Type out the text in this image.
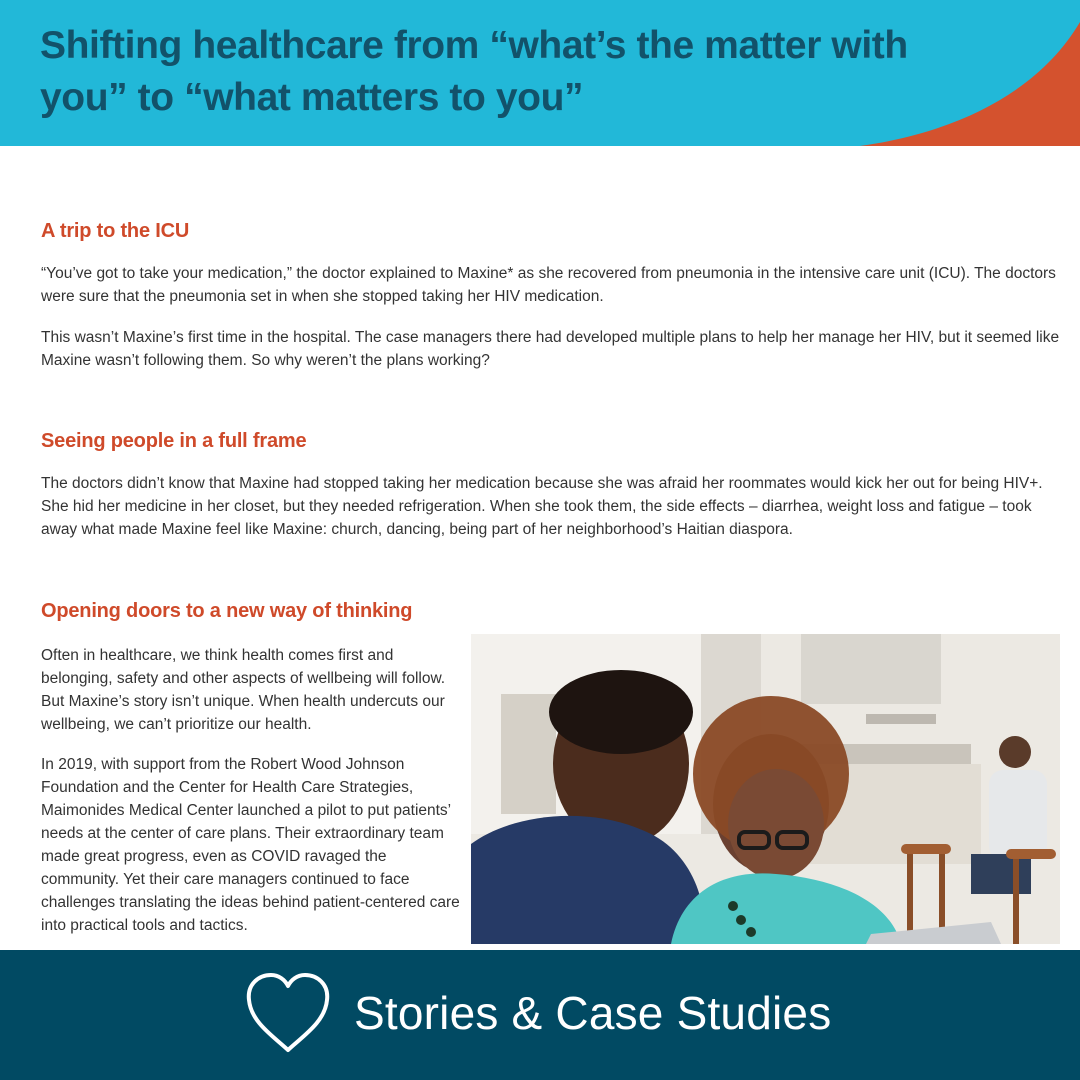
Shifting healthcare from “what’s the matter with you” to “what matters to you”
A trip to the ICU

“You’ve got to take your medication,” the doctor explained to Maxine* as she recovered from pneumonia in the intensive care unit (ICU). The doctors were sure that the pneumonia set in when she stopped taking her HIV medication.

This wasn’t Maxine’s first time in the hospital. The case managers there had developed multiple plans to help her manage her HIV, but it seemed like Maxine wasn’t following them. So why weren’t the plans working?

Seeing people in a full frame

The doctors didn’t know that Maxine had stopped taking her medication because she was afraid her roommates would kick her out for being HIV+. She hid her medicine in her closet, but they needed refrigeration. When she took them, the side effects – diarrhea, weight loss and fatigue – took away what made Maxine feel like Maxine: church, dancing, being part of her neighborhood’s Haitian diaspora.

Opening doors to a new way of thinking

Often in healthcare, we think health comes first and belonging, safety and other aspects of wellbeing will follow. But Maxine’s story isn’t unique. When health undercuts our wellbeing, we can’t prioritize our health.

In 2019, with support from the Robert Wood Johnson Foundation and the Center for Health Care Strategies, Maimonides Medical Center launched a pilot to put patients’ needs at the center of care plans. Their extraordinary team made great progress, even as COVID ravaged the community. Yet their care managers continued to face challenges translating the ideas behind patient-centered care into practical tools and tactics.

Stories & Case Studies
